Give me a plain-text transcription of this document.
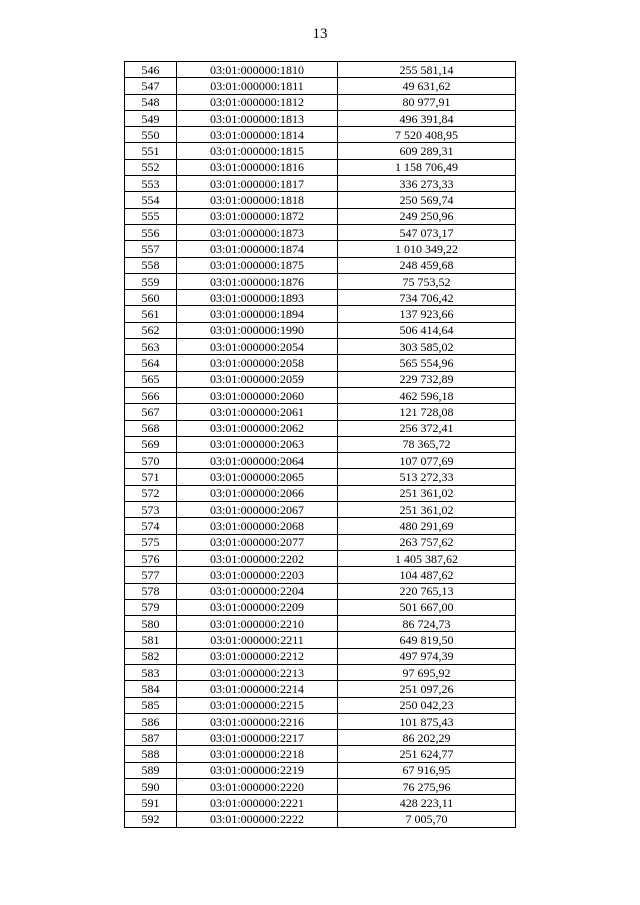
13
546	03:01:000000:1810	255 581,14
547	03:01:000000:1811	49 631,62
548	03:01:000000:1812	80 977,91
549	03:01:000000:1813	496 391,84
550	03:01:000000:1814	7 520 408,95
551	03:01:000000:1815	609 289,31
552	03:01:000000:1816	1 158 706,49
553	03:01:000000:1817	336 273,33
554	03:01:000000:1818	250 569,74
555	03:01:000000:1872	249 250,96
556	03:01:000000:1873	547 073,17
557	03:01:000000:1874	1 010 349,22
558	03:01:000000:1875	248 459,68
559	03:01:000000:1876	75 753,52
560	03:01:000000:1893	734 706,42
561	03:01:000000:1894	137 923,66
562	03:01:000000:1990	506 414,64
563	03:01:000000:2054	303 585,02
564	03:01:000000:2058	565 554,96
565	03:01:000000:2059	229 732,89
566	03:01:000000:2060	462 596,18
567	03:01:000000:2061	121 728,08
568	03:01:000000:2062	256 372,41
569	03:01:000000:2063	78 365,72
570	03:01:000000:2064	107 077,69
571	03:01:000000:2065	513 272,33
572	03:01:000000:2066	251 361,02
573	03:01:000000:2067	251 361,02
574	03:01:000000:2068	480 291,69
575	03:01:000000:2077	263 757,62
576	03:01:000000:2202	1 405 387,62
577	03:01:000000:2203	104 487,62
578	03:01:000000:2204	220 765,13
579	03:01:000000:2209	501 667,00
580	03:01:000000:2210	86 724,73
581	03:01:000000:2211	649 819,50
582	03:01:000000:2212	497 974,39
583	03:01:000000:2213	97 695,92
584	03:01:000000:2214	251 097,26
585	03:01:000000:2215	250 042,23
586	03:01:000000:2216	101 875,43
587	03:01:000000:2217	86 202,29
588	03:01:000000:2218	251 624,77
589	03:01:000000:2219	67 916,95
590	03:01:000000:2220	76 275,96
591	03:01:000000:2221	428 223,11
592	03:01:000000:2222	7 005,70
